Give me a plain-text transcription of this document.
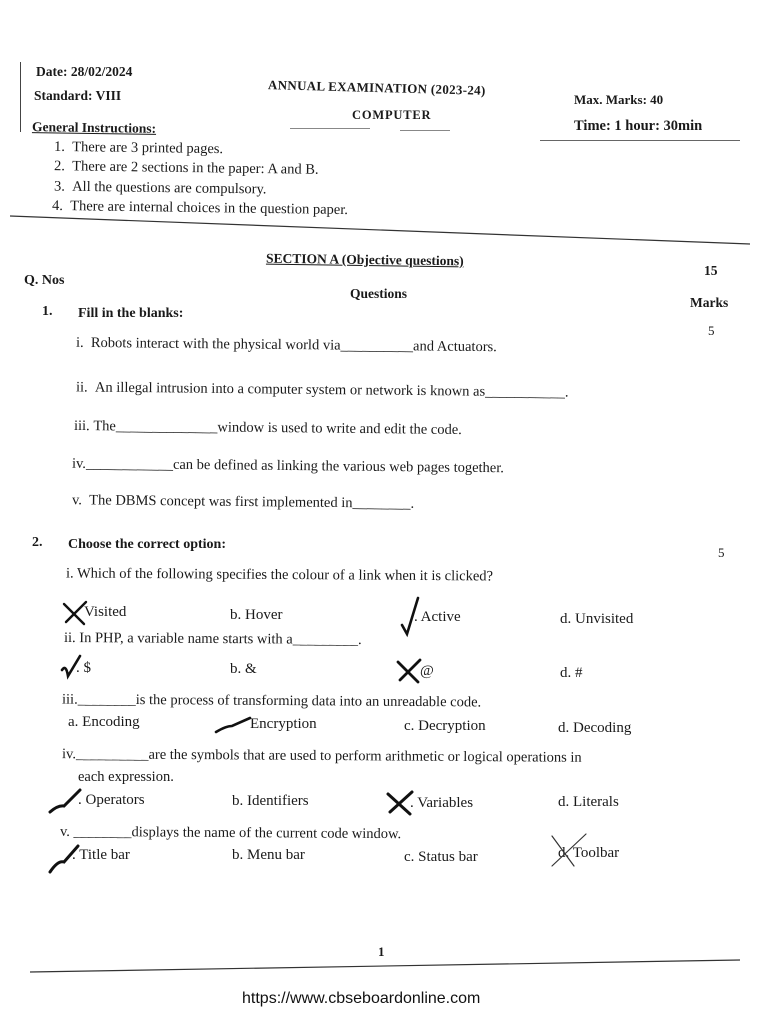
Date: 28/02/2024
Standard: VIII	ANNUAL EXAMINATION (2023-24)
COMPUTER
Max. Marks: 40
Time: 1 hour: 30min
General Instructions:
1. There are 3 printed pages.
2. There are 2 sections in the paper: A and B.
3. All the questions are compulsory.
4. There are internal choices in the question paper.
SECTION A (Objective questions)
Q. Nos
Questions
15
Marks
1. Fill in the blanks:
5
i. Robots interact with the physical world via__________and Actuators.
ii. An illegal intrusion into a computer system or network is known as___________.
iii. The______________window is used to write and edit the code.
iv.____________can be defined as linking the various web pages together.
v. The DBMS concept was first implemented in________.
2. Choose the correct option:
5
i. Which of the following specifies the colour of a link when it is clicked?
Visited	b. Hover	. Active	d. Unvisited
ii. In PHP, a variable name starts with a_________.
. $	b. &	@	d. #
iii.________is the process of transforming data into an unreadable code.
a. Encoding	Encryption	c. Decryption	d. Decoding
iv.__________are the symbols that are used to perform arithmetic or logical operations in
each expression.
. Operators	b. Identifiers	. Variables	d. Literals
v. ________displays the name of the current code window.
. Title bar	b. Menu bar	c. Status bar	d. Toolbar
1
https://www.cbseboardonline.com
